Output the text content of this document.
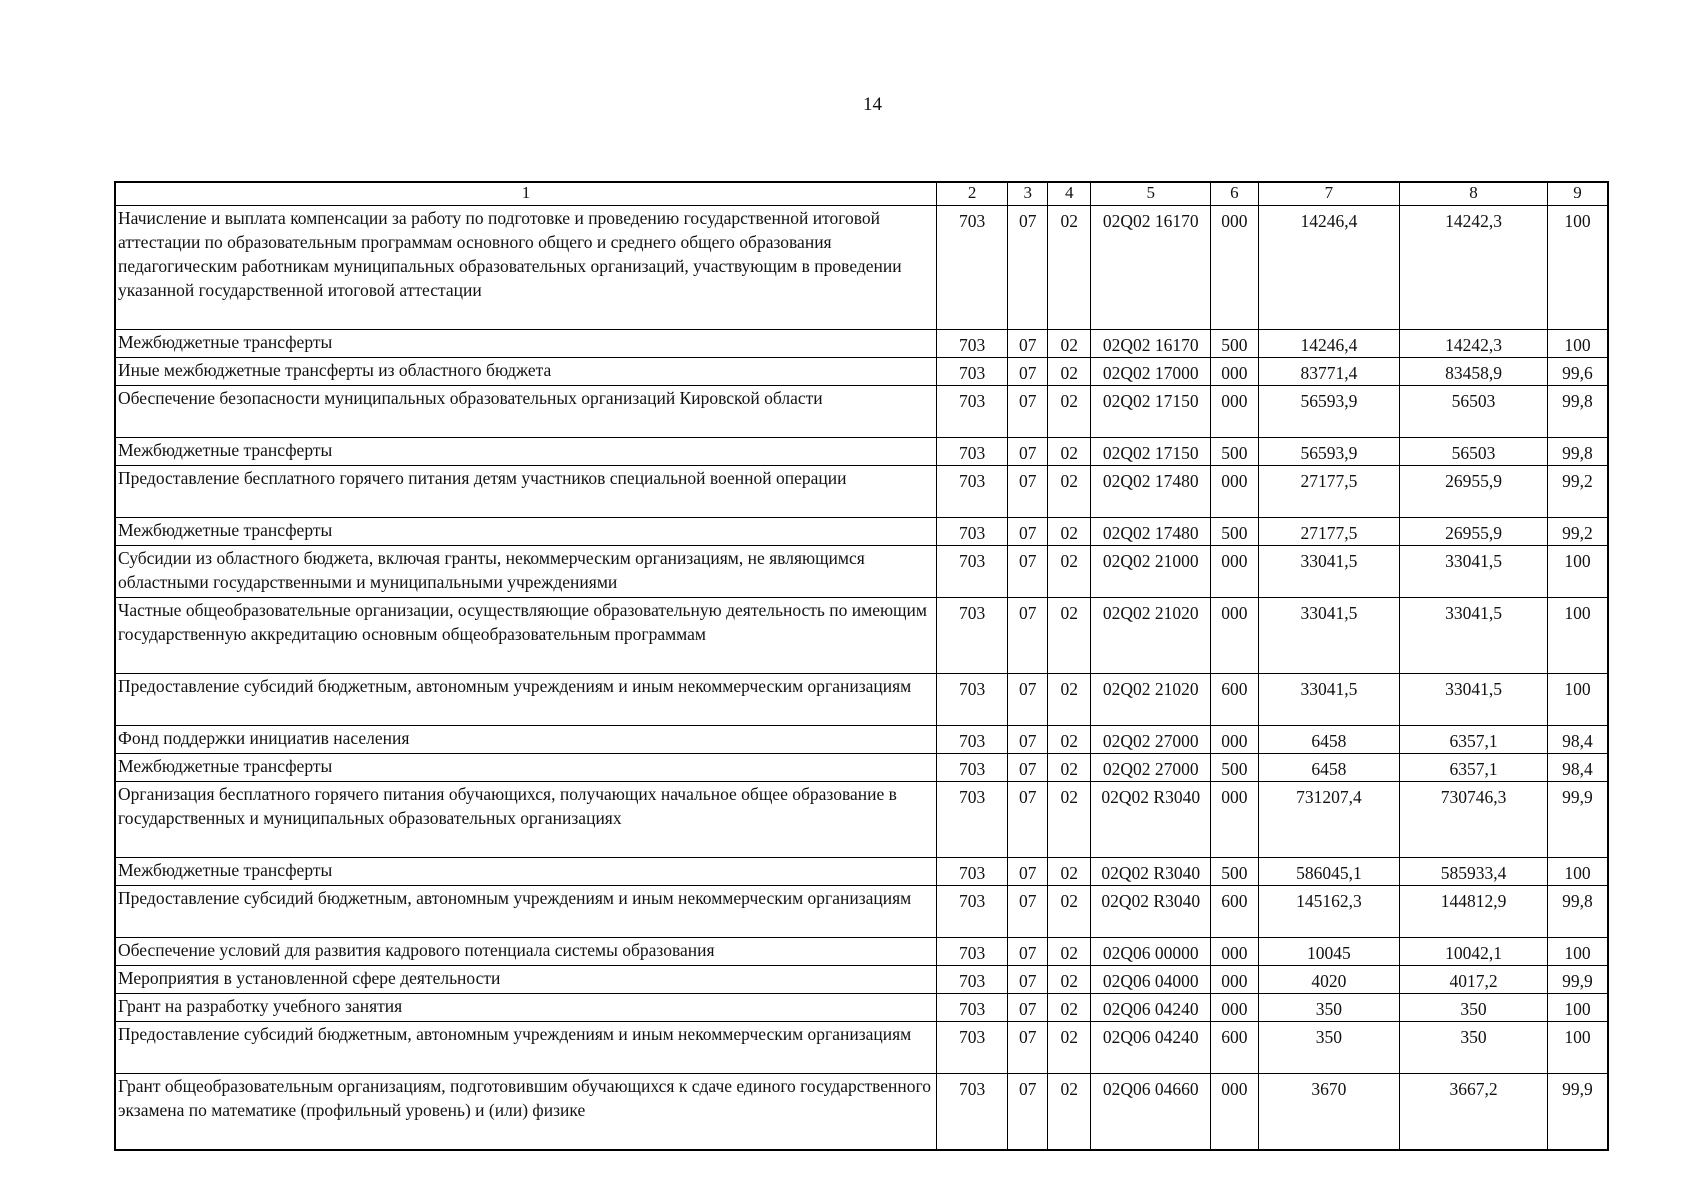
14
1	2	3	4	5	6	7	8	9
Начисление и выплата компенсации за работу по подготовке и проведению государственной итоговой аттестации по образовательным программам основного общего и среднего общего образования педагогическим работникам муниципальных образовательных организаций, участвующим в проведении указанной государственной итоговой аттестации	703	07	02	02Q02 16170	000	14246,4	14242,3	100
Межбюджетные трансферты	703	07	02	02Q02 16170	500	14246,4	14242,3	100
Иные межбюджетные трансферты из областного бюджета	703	07	02	02Q02 17000	000	83771,4	83458,9	99,6
Обеспечение безопасности муниципальных образовательных организаций Кировской области	703	07	02	02Q02 17150	000	56593,9	56503	99,8
Межбюджетные трансферты	703	07	02	02Q02 17150	500	56593,9	56503	99,8
Предоставление бесплатного горячего питания детям участников специальной военной операции	703	07	02	02Q02 17480	000	27177,5	26955,9	99,2
Межбюджетные трансферты	703	07	02	02Q02 17480	500	27177,5	26955,9	99,2
Субсидии из областного бюджета, включая гранты, некоммерческим организациям, не являющимся областными государственными и муниципальными учреждениями	703	07	02	02Q02 21000	000	33041,5	33041,5	100
Частные общеобразовательные организации, осуществляющие образовательную деятельность по имеющим государственную аккредитацию основным общеобразовательным программам	703	07	02	02Q02 21020	000	33041,5	33041,5	100
Предоставление субсидий бюджетным, автономным учреждениям и иным некоммерческим организациям	703	07	02	02Q02 21020	600	33041,5	33041,5	100
Фонд поддержки инициатив населения	703	07	02	02Q02 27000	000	6458	6357,1	98,4
Межбюджетные трансферты	703	07	02	02Q02 27000	500	6458	6357,1	98,4
Организация бесплатного горячего питания обучающихся, получающих начальное общее образование в государственных и муниципальных образовательных организациях	703	07	02	02Q02 R3040	000	731207,4	730746,3	99,9
Межбюджетные трансферты	703	07	02	02Q02 R3040	500	586045,1	585933,4	100
Предоставление субсидий бюджетным, автономным учреждениям и иным некоммерческим организациям	703	07	02	02Q02 R3040	600	145162,3	144812,9	99,8
Обеспечение условий для развития кадрового потенциала системы образования	703	07	02	02Q06 00000	000	10045	10042,1	100
Мероприятия в установленной сфере деятельности	703	07	02	02Q06 04000	000	4020	4017,2	99,9
Грант на разработку учебного занятия	703	07	02	02Q06 04240	000	350	350	100
Предоставление субсидий бюджетным, автономным учреждениям и иным некоммерческим организациям	703	07	02	02Q06 04240	600	350	350	100
Грант общеобразовательным организациям, подготовившим обучающихся к сдаче единого государственного экзамена по математике (профильный уровень) и (или) физике	703	07	02	02Q06 04660	000	3670	3667,2	99,9
